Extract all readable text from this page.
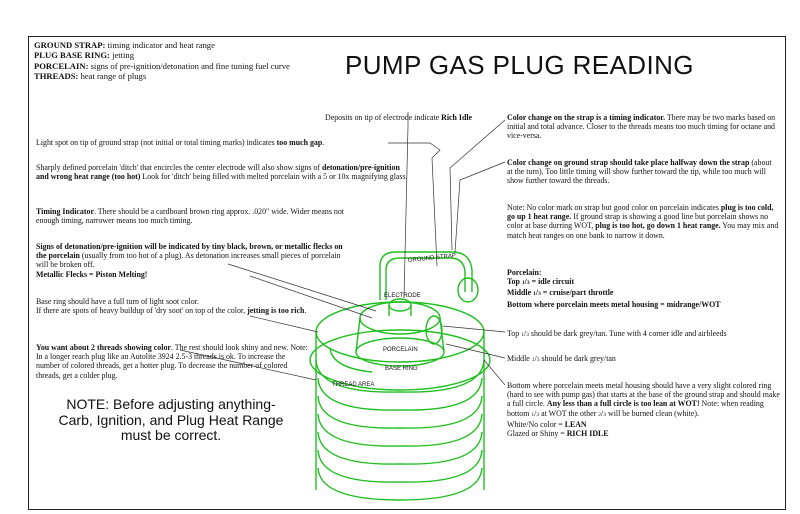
GROUND STRAP: timing indicator and heat range
PLUG BASE RING: jetting
PORCELAIN: signs of pre-ignition/detonation and fine tuning fuel curve
THREADS: heat range of plugs	PUMP GAS PLUG READING
Light spot on tip of ground strap (not initial or total timing marks) indicates too much gap.
Sharply defined porcelain 'ditch' that encircles the center electrode will also show signs of detonation/pre-ignition and wrong heat range (too hot) Look for 'ditch' being filled with melted porcelain with a 5 or 10x magnifying glass.
Timing Indicator. There should be a cardboard brown ring approx. .020" wide. Wider means not enough timing, narrower means too much timing.
Signs of detonation/pre-ignition will be indicated by tiny black, brown, or metallic flecks on the porcelain (usually from too hot of a plug). As detonation increases small pieces of porcelain will be broken off.
Metallic Flecks = Piston Melting!
Base ring should have a full turn of light soot color.
If there are spots of heavy buildup of 'dry soot' on top of the color, jetting is too rich.
You want about 2 threads showing color. The rest should look shiny and new. Note: In a longer reach plug like an Autolite 3924 2.5-3 threads is ok. To increase the number of colored threads, get a hotter plug. To decrease the number of colored threads, get a colder plug.
NOTE: Before adjusting anything-
Carb, Ignition, and Plug Heat Range
must be correct.
Deposits on tip of electrode indicate Rich Idle	Color change on the strap is a timing indicator. There may be two marks based on initial and total advance. Closer to the threads means too much timing for octane and vice-versa.
Color change on ground strap should take place halfway down the strap (about at the turn). Too little timing will show further toward the tip, while too much will show further toward the threads.
Note: No color mark on strap but good color on porcelain indicates plug is too cold, go up 1 heat range. If ground strap is showing a good line but porcelain shows no color at base durring WOT, plug is too hot, go down 1 heat range. You may mix and match heat ranges on one bank to narrow it down.
Porcelain:
Top 1/3 = idle circuit
Middle 1/3 = cruise/part throttle
Bottom where porcelain meets metal housing = midrange/WOT
Top 1/3 should be dark grey/tan. Tune with 4 corner idle and airbleeds
Middle 1/3 should be dark grey/tan
Bottom where porcelain meets metal housing should have a very slight colored ring (hard to see with pump gas) that starts at the base of the ground strap and should make a full circle. Any less than a full circle is too lean at WOT! Note: when reading bottom 1/3 at WOT the other 2/3 will be burned clean (white).
White/No color = LEAN
Glazed or Shiny = RICH IDLE
GROUND STRAP
ELECTRODE
PORCELAIN
BASE RING
THREAD AREA
